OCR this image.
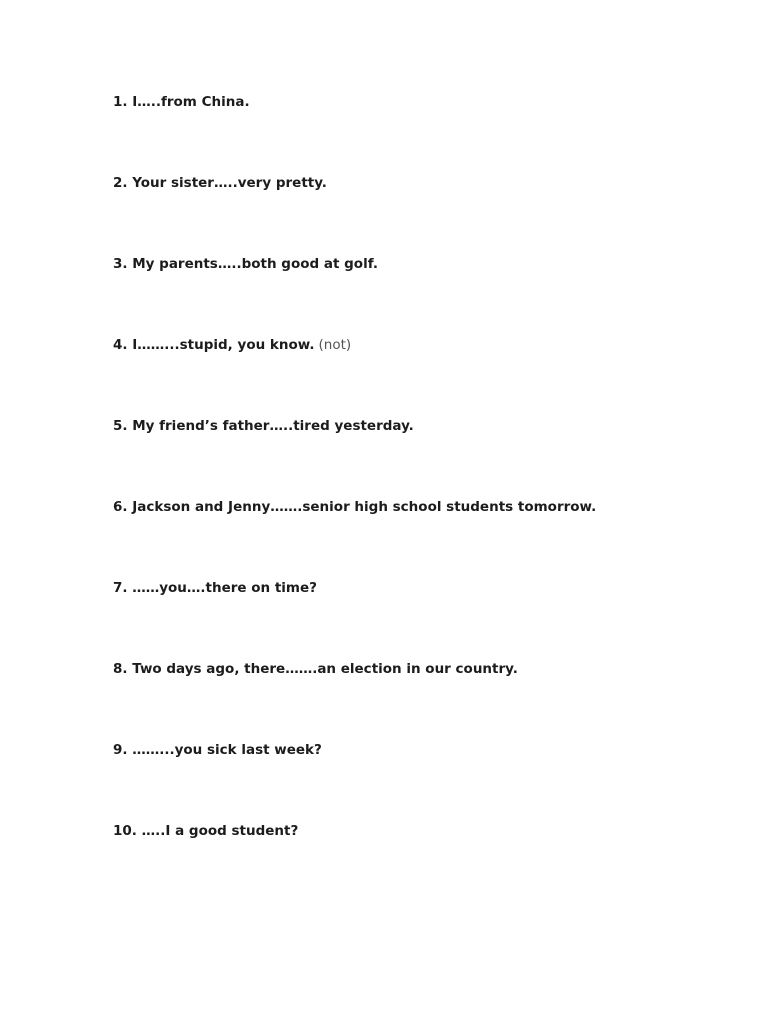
1. I…..from China.
2. Your sister…..very pretty.
3. My parents…..both good at golf.
4. I……...stupid, you know. (not)
5. My friend’s father…..tired yesterday.
6. Jackson and Jenny…….senior high school students tomorrow.
7. ……you….there on time?
8. Two days ago, there…….an election in our country.
9. ……...you sick last week?
10. …..I a good student?
